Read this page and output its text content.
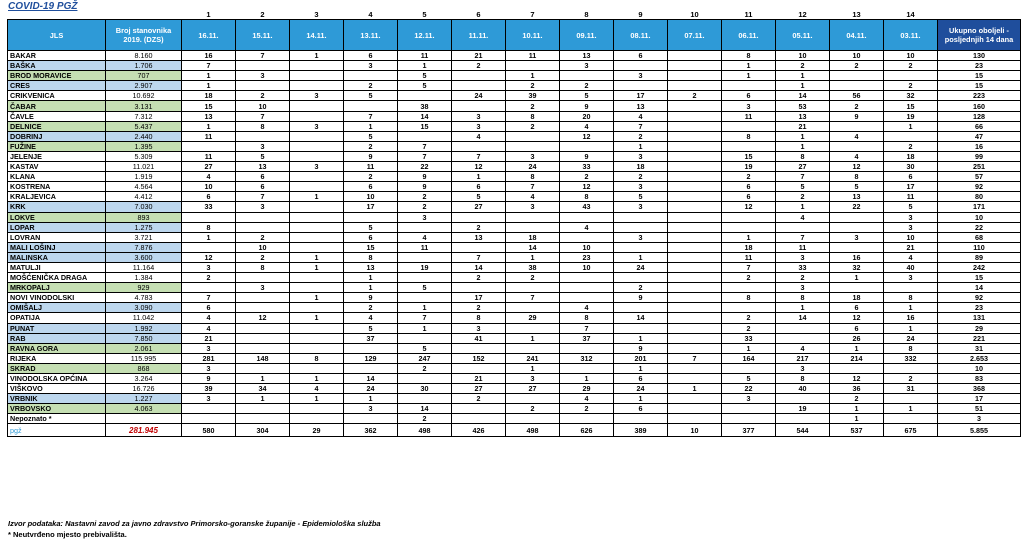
COVID-19 PGŽ

		1	2	3	4	5	6	7	8	9	10	11	12	13	14	
JLS	Broj stanovnika 2019. (DZS)	16.11.	15.11.	14.11.	13.11.	12.11.	11.11.	10.11.	09.11.	08.11.	07.11.	06.11.	05.11.	04.11.	03.11.	Ukupno oboljeli - posljednjih 14 dana
BAKAR	8.160	16	7	1	6	11	21	11	13	6		8	10	10	10	130
BAŠKA	1.706	7			3	1	2		3			1	2	2	2	23
BROD MORAVICE	707	1	3			5		1		3		1	1			15
CRES	2.907	1			2	5		2	2				1		2	15
CRIKVENICA	10.692	18	2	3	5		24	39	5	17	2	6	14	56	32	223
ČABAR	3.131	15	10			38		2	9	13		3	53	2	15	160
ČAVLE	7.312	13	7		7	14	3	8	20	4		11	13	9	19	128
DELNICE	5.437	1	8	3	1	15	3	2	4	7			21		1	66
DOBRINJ	2.440	11			5		4		12	2		8	1	4		47
FUŽINE	1.395		3		2	7				1			1		2	16
JELENJE	5.309	11	5		9	7	7	3	9	3		15	8	4	18	99
KASTAV	11.021	27	13	3	11	22	12	24	33	18		19	27	12	30	251
KLANA	1.919	4	6		2	9	1	8	2	2		2	7	8	6	57
KOSTRENA	4.564	10	6		6	9	6	7	12	3		6	5	5	17	92
KRALJEVICA	4.412	6	7	1	10	2	5	4	8	5		6	2	13	11	80
KRK	7.030	33	3		17	2	27	3	43	3		12	1	22	5	171
LOKVE	893					3							4		3	10
LOPAR	1.275	8			5		2		4						3	22
LOVRAN	3.721	1	2		6	4	13	18		3		1	7	3	10	68
MALI LOŠINJ	7.876		10		15	11		14	10			18	11		21	110
MALINSKA	3.600	12	2	1	8		7	1	23	1		11	3	16	4	89
MATULJI	11.164	3	8	1	13	19	14	38	10	24		7	33	32	40	242
MOŠĆENIČKA DRAGA	1.384	2			1		2	2				2	2	1	3	15
MRKOPALJ	929		3		1	5				2			3			14
NOVI VINODOLSKI	4.783	7		1	9		17	7		9		8	8	18	8	92
OMIŠALJ	3.090	6			2	1	2		4				1	6	1	23
OPATIJA	11.042	4	12	1	4	7	8	29	8	14		2	14	12	16	131
PUNAT	1.992	4			5	1	3		7			2		6	1	29
RAB	7.850	21			37		41	1	37	1		33		26	24	221
RAVNA GORA	2.061	3				5				9		1	4	1	8	31
RIJEKA	115.995	281	148	8	129	247	152	241	312	201	7	164	217	214	332	2.653
SKRAD	868	3				2		1		1			3			10
VINODOLSKA OPĆINA	3.264	9	1	1	14		21	3	1	6		5	8	12	2	83
VIŠKOVO	16.726	39	34	4	24	30	27	27	29	24	1	22	40	36	31	368
VRBNIK	1.227	3	1	1	1		2		4	1		3		2		17
VRBOVSKO	4.063				3	14		2	2	6			19	1	1	51
Nepoznato *						2								1		3
pgž	281.945	580	304	29	362	498	426	498	626	389	10	377	544	537	675	5.855
Izvor podataka: Nastavni zavod za javno zdravstvo Primorsko-goranske županije - Epidemiološka služba
* Neutvrđeno mjesto prebivališta.
